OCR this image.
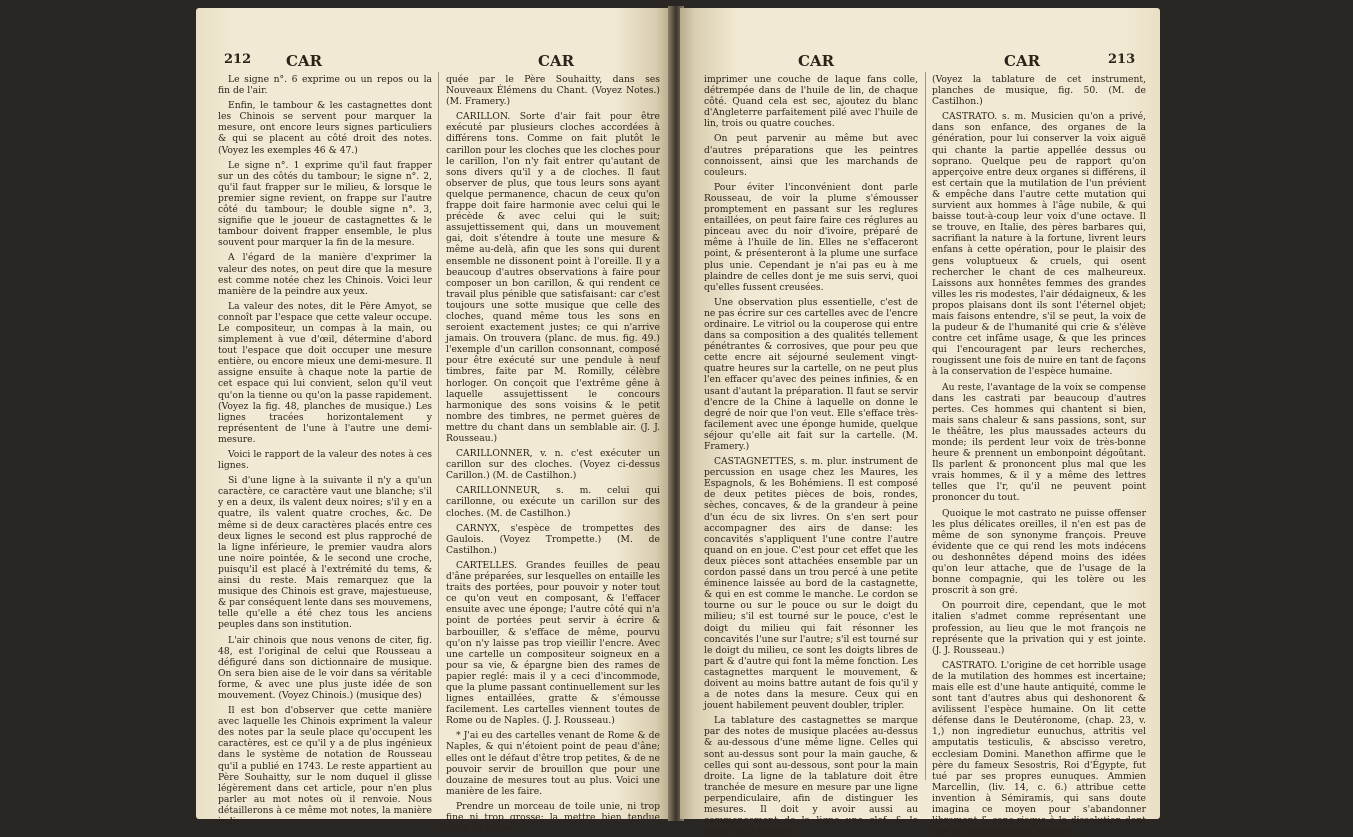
212 CAR	CAR

Le signe n°. 6 exprime ou un repos ou la fin de l'air.

Enfin, le tambour & les castagnettes dont les Chinois se servent pour marquer la mesure, ont encore leurs signes particuliers & qui se placent au côté droit des notes. (Voyez les exemples 46 & 47.)

Le signe n°. 1 exprime qu'il faut frapper sur un des côtés du tambour; le signe n°. 2, qu'il faut frapper sur le milieu, & lorsque le premier signe revient, on frappe sur l'autre côté du tambour; le double signe n°. 3, signifie que le joueur de castagnettes & le tambour doivent frapper ensemble, le plus souvent pour marquer la fin de la mesure.

A l'égard de la manière d'exprimer la valeur des notes, on peut dire que la mesure est comme notée chez les Chinois. Voici leur manière de la peindre aux yeux.

La valeur des notes, dit le Père Amyot, se connoît par l'espace que cette valeur occupe. Le compositeur, un compas à la main, ou simplement à vue d'œil, détermine d'abord tout l'espace que doit occuper une mesure entière, ou encore mieux une demi-mesure. Il assigne ensuite à chaque note la partie de cet espace qui lui convient, selon qu'il veut qu'on la tienne ou qu'on la passe rapidement. (Voyez la fig. 48, planches de musique.) Les lignes tracées horizontalement y représentent de l'une à l'autre une demi-mesure.

Voici le rapport de la valeur des notes à ces lignes.

Si d'une ligne à la suivante il n'y a qu'un caractère, ce caractère vaut une blanche; s'il y en a deux, ils valent deux noires; s'il y en a quatre, ils valent quatre croches, &c. De même si de deux caractères placés entre ces deux lignes le second est plus rapproché de la ligne inférieure, le premier vaudra alors une noire pointée, & le second une croche, puisqu'il est placé à l'extrémité du tems, & ainsi du reste. Mais remarquez que la musique des Chinois est grave, majestueuse, & par conséquent lente dans ses mouvemens, telle qu'elle a été chez tous les anciens peuples dans son institution.

L'air chinois que nous venons de citer, fig. 48, est l'original de celui que Rousseau a défiguré dans son dictionnaire de musique. On sera bien aise de le voir dans sa véritable forme, & avec une plus juste idée de son mouvement. (Voyez Chinois.) (musique des)

Il est bon d'observer que cette manière avec laquelle les Chinois expriment la valeur des notes par la seule place qu'occupent les caractères, est ce qu'il y a de plus ingénieux dans le système de notation de Rousseau qu'il a publié en 1743. Le reste appartient au Père Souhaitty, sur le nom duquel il glisse légèrement dans cet article, pour n'en plus parler au mot notes où il renvoie. Nous détaillerons à ce même mot notes, la manière indi-

quée par le Père Souhaitty, dans ses Nouveaux Élémens du Chant. (Voyez Notes.) (M. Framery.)

CARILLON. Sorte d'air fait pour être exécuté par plusieurs cloches accordées à différens tons. Comme on fait plutôt le carillon pour les cloches que les cloches pour le carillon, l'on n'y fait entrer qu'autant de sons divers qu'il y a de cloches. Il faut observer de plus, que tous leurs sons ayant quelque permanence, chacun de ceux qu'on frappe doit faire harmonie avec celui qui le précède & avec celui qui le suit; assujettissement qui, dans un mouvement gai, doit s'étendre à toute une mesure & même au-delà, afin que les sons qui durent ensemble ne dissonent point à l'oreille. Il y a beaucoup d'autres observations à faire pour composer un bon carillon, & qui rendent ce travail plus pénible que satisfaisant: car c'est toujours une sotte musique que celle des cloches, quand même tous les sons en seroient exactement justes; ce qui n'arrive jamais. On trouvera (planc. de mus. fig. 49.) l'exemple d'un carillon consonnant, composé pour être exécuté sur une pendule à neuf timbres, faite par M. Romilly, célèbre horloger. On conçoit que l'extrême gêne à laquelle assujettissent le concours harmonique des sons voisins & le petit nombre des timbres, ne permet guères de mettre du chant dans un semblable air. (J. J. Rousseau.)

CARILLONNER, v. n. c'est exécuter un carillon sur des cloches. (Voyez ci-dessus Carillon.) (M. de Castilhon.)

CARILLONNEUR, s. m. celui qui carillonne, ou exécute un carillon sur des cloches. (M. de Castilhon.)

CARNYX, s'espèce de trompettes des Gaulois. (Voyez Trompette.) (M. de Castilhon.)

CARTELLES. Grandes feuilles de peau d'âne préparées, sur lesquelles on entaille les traits des portées, pour pouvoir y noter tout ce qu'on veut en composant, & l'effacer ensuite avec une éponge; l'autre côté qui n'a point de portées peut servir à écrire & barbouiller, & s'efface de même, pourvu qu'on n'y laisse pas trop vieillir l'encre. Avec une cartelle un compositeur soigneux en a pour sa vie, & épargne bien des rames de papier reglé: mais il y a ceci d'incommode, que la plume passant continuellement sur les lignes entaillées, gratte & s'émousse facilement. Les cartelles viennent toutes de Rome ou de Naples. (J. J. Rousseau.)

* J'ai eu des cartelles venant de Rome & de Naples, & qui n'étoient point de peau d'âne; elles ont le défaut d'être trop petites, & de ne pouvoir servir de brouillon que pour une douzaine de mesures tout au plus. Voici une manière de les faire.

Prendre un morceau de toile unie, ni trop fine ni trop grosse; la mettre bien tendue dans un cadre,

CAR	CAR	213

imprimer une couche de laque fans colle, détrempée dans de l'huile de lin, de chaque côté. Quand cela est sec, ajoutez du blanc d'Angleterre parfaitement pilé avec l'huile de lin, trois ou quatre couches.

On peut parvenir au même but avec d'autres préparations que les peintres connoissent, ainsi que les marchands de couleurs.

Pour éviter l'inconvénient dont parle Rousseau, de voir la plume s'émousser promptement en passant sur les reglures entaillées, on peut faire faire ces réglures au pinceau avec du noir d'ivoire, préparé de même à l'huile de lin. Elles ne s'effaceront point, & présenteront à la plume une surface plus unie. Cependant je n'ai pas eu à me plaindre de celles dont je me suis servi, quoi qu'elles fussent creusées.

Une observation plus essentielle, c'est de ne pas écrire sur ces cartelles avec de l'encre ordinaire. Le vitriol ou la couperose qui entre dans sa composition a des qualités tellement pénétrantes & corrosives, que pour peu que cette encre ait séjourné seulement vingt-quatre heures sur la cartelle, on ne peut plus l'en effacer qu'avec des peines infinies, & en usant d'autant la préparation. Il faut se servir d'encre de la Chine à laquelle on donne le degré de noir que l'on veut. Elle s'efface très-facilement avec une éponge humide, quelque séjour qu'elle ait fait sur la cartelle. (M. Framery.)

CASTAGNETTES, s. m. plur. instrument de percussion en usage chez les Maures, les Espagnols, & les Bohémiens. Il est composé de deux petites pièces de bois, rondes, sèches, concaves, & de la grandeur à peine d'un écu de six livres. On s'en sert pour accompagner des airs de danse: les concavités s'appliquent l'une contre l'autre quand on en joue. C'est pour cet effet que les deux pièces sont attachées ensemble par un cordon passé dans un trou percé à une petite éminence laissée au bord de la castagnette, & qui en est comme le manche. Le cordon se tourne ou sur le pouce ou sur le doigt du milieu; s'il est tourné sur le pouce, c'est le doigt du milieu qui fait résonner les concavités l'une sur l'autre; s'il est tourné sur le doigt du milieu, ce sont les doigts libres de part & d'autre qui font la même fonction. Les castagnettes marquent le mouvement, & doivent au moins battre autant de fois qu'il y a de notes dans la mesure. Ceux qui en jouent habilement peuvent doubler, tripler.

La tablature des castagnettes se marque par des notes de musique placées au-dessus & au-dessous d'une même ligne. Celles qui sont au-dessus sont pour la main gauche, & celles qui sont au-dessous, sont pour la main droite. La ligne de la tablature doit être tranchée de mesure en mesure par une ligne perpendiculaire, afin de distinguer les mesures. Il doit y avoir aussi au commencement de la ligne une clef, & le signe de la mesure.

(Voyez la tablature de cet instrument, planches de musique, fig. 50. (M. de Castilhon.)

CASTRATO. s. m. Musicien qu'on a privé, dans son enfance, des organes de la génération, pour lui conserver la voix aiguë qui chante la partie appellée dessus ou soprano. Quelque peu de rapport qu'on apperçoive entre deux organes si différens, il est certain que la mutilation de l'un prévient & empêche dans l'autre cette mutation qui survient aux hommes à l'âge nubile, & qui baisse tout-à-coup leur voix d'une octave. Il se trouve, en Italie, des pères barbares qui, sacrifiant la nature à la fortune, livrent leurs enfans à cette opération, pour le plaisir des gens voluptueux & cruels, qui osent rechercher le chant de ces malheureux. Laissons aux honnêtes femmes des grandes villes les ris modestes, l'air dédaigneux, & les propos plaisans dont ils sont l'éternel objet; mais faisons entendre, s'il se peut, la voix de la pudeur & de l'humanité qui crie & s'élève contre cet infâme usage, & que les princes qui l'encouragent par leurs recherches, rougissent une fois de nuire en tant de façons à la conservation de l'espèce humaine.

Au reste, l'avantage de la voix se compense dans les castrati par beaucoup d'autres pertes. Ces hommes qui chantent si bien, mais sans chaleur & sans passions, sont, sur le théâtre, les plus maussades acteurs du monde; ils perdent leur voix de très-bonne heure & prennent un embonpoint dégoûtant. Ils parlent & prononcent plus mal que les vrais hommes, & il y a même des lettres telles que l'r, qu'il ne peuvent point prononcer du tout.

Quoique le mot castrato ne puisse offenser les plus délicates oreilles, il n'en est pas de même de son synonyme françois. Preuve évidente que ce qui rend les mots indécens ou deshonnêtes dépend moins des idées qu'on leur attache, que de l'usage de la bonne compagnie, qui les tolère ou les proscrit à son gré.

On pourroit dire, cependant, que le mot italien s'admet comme représentant une profession, au lieu que le mot françois ne représente que la privation qui y est jointe. (J. J. Rousseau.)

CASTRATO. L'origine de cet horrible usage de la mutilation des hommes est incertaine; mais elle est d'une haute antiquité, comme le sont tant d'autres abus qui deshonorent & avilissent l'espèce humaine. On lit cette défense dans le Deutéronome, (chap. 23, v. 1,) non ingredietur eunuchus, attritis vel amputatis testiculis, & abscisso veretro, ecclesiam Domini. Manethon affirme que le père du fameux Sesostris, Roi d'Égypte, fut tué par ses propres eunuques. Ammien Marcellin, (liv. 14, c. 6.) attribue cette invention à Sémiramis, qui sans doute imagina ce moyen pour s'abandonner librement & sans risque à la dissolution dont elle est généralement accusée.
